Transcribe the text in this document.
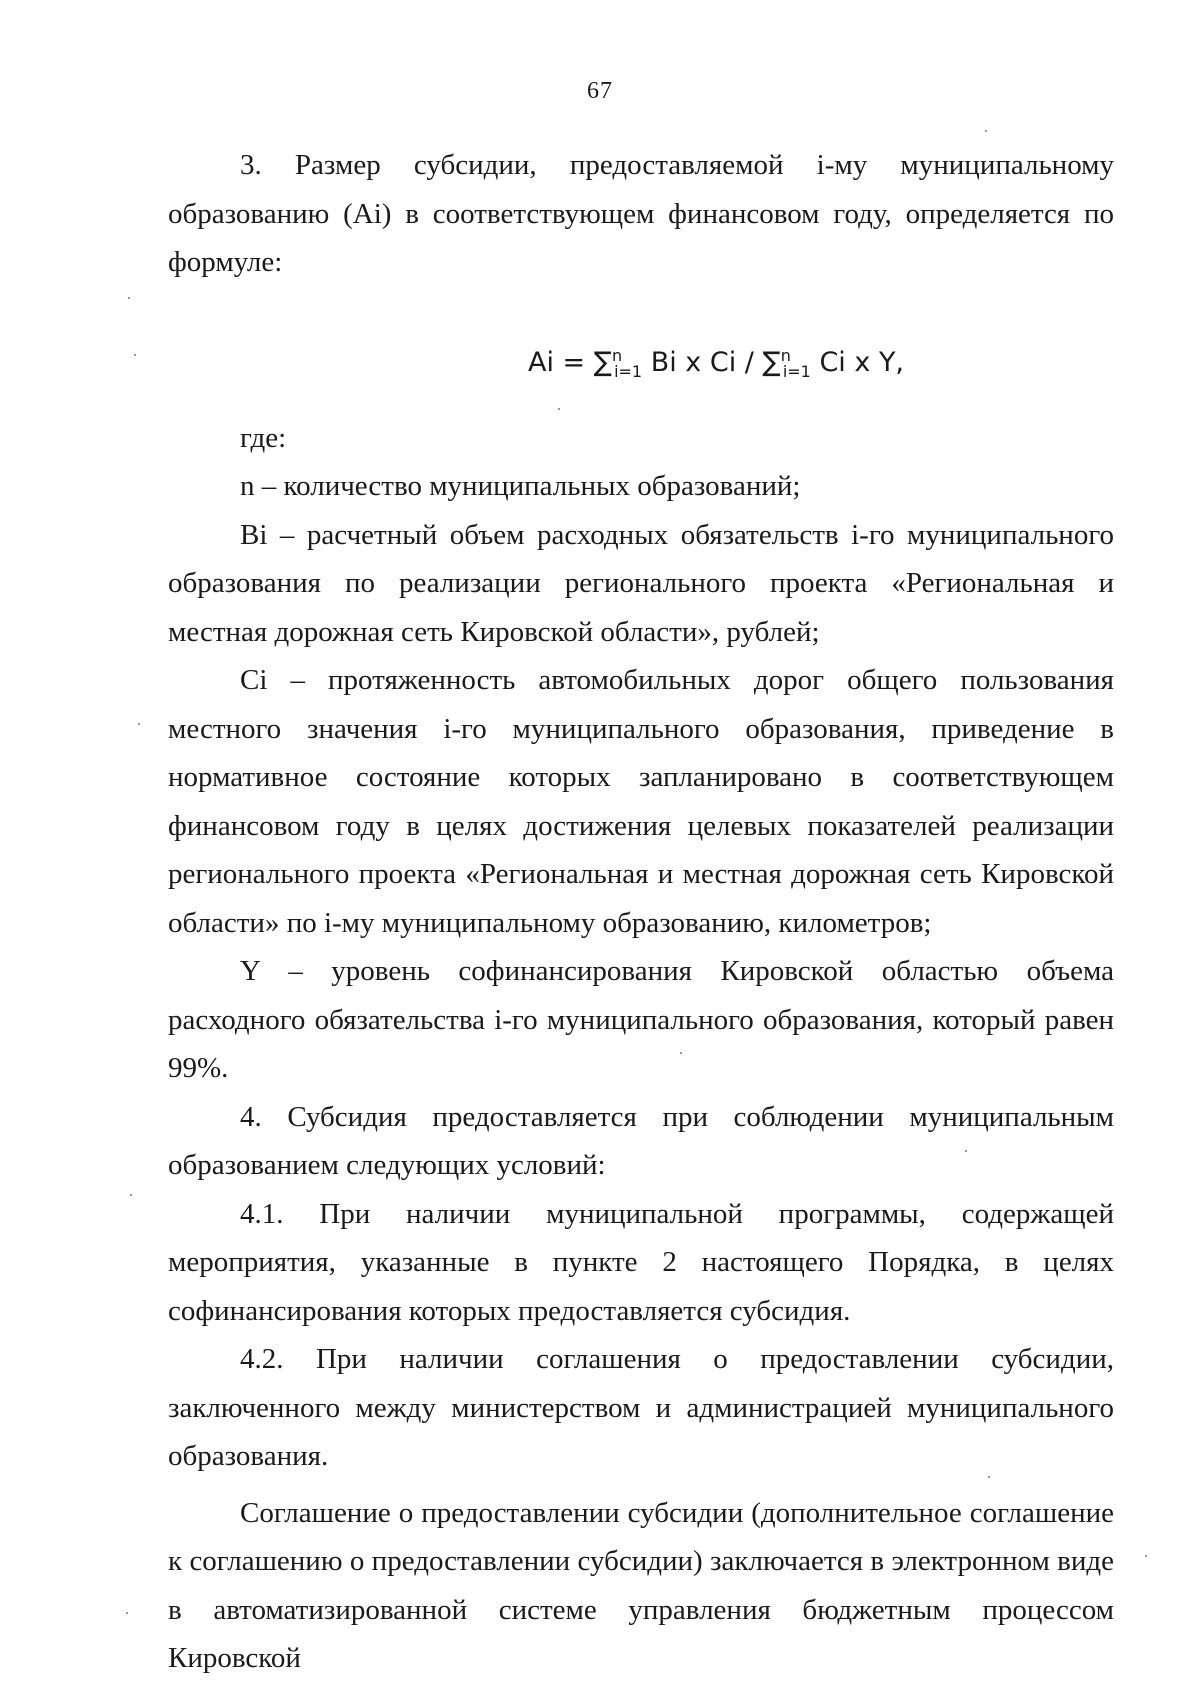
67

3. Размер субсидии, предоставляемой i-му муниципальному образованию (Ai) в соответствующем финансовом году, определяется по формуле:

Ai = ∑$^n_{i=1}$ Bi x Ci / ∑$^n_{i=1}$ Ci x Y,

где:

n – количество муниципальных образований;

Bi – расчетный объем расходных обязательств i-го муниципального образования по реализации регионального проекта «Региональная и местная дорожная сеть Кировской области», рублей;

Ci – протяженность автомобильных дорог общего пользования местного значения i-го муниципального образования, приведение в нормативное состояние которых запланировано в соответствующем финансовом году в целях достижения целевых показателей реализации регионального проекта «Региональная и местная дорожная сеть Кировской области» по i-му муниципальному образованию, километров;

Y – уровень софинансирования Кировской областью объема расходного обязательства i-го муниципального образования, который равен 99%.

4. Субсидия предоставляется при соблюдении муниципальным образованием следующих условий:

4.1. При наличии муниципальной программы, содержащей мероприятия, указанные в пункте 2 настоящего Порядка, в целях софинансирования которых предоставляется субсидия.

4.2. При наличии соглашения о предоставлении субсидии, заключенного между министерством и администрацией муниципального образования.

Соглашение о предоставлении субсидии (дополнительное соглашение к соглашению о предоставлении субсидии) заключается в электронном виде в автоматизированной системе управления бюджетным процессом Кировской
